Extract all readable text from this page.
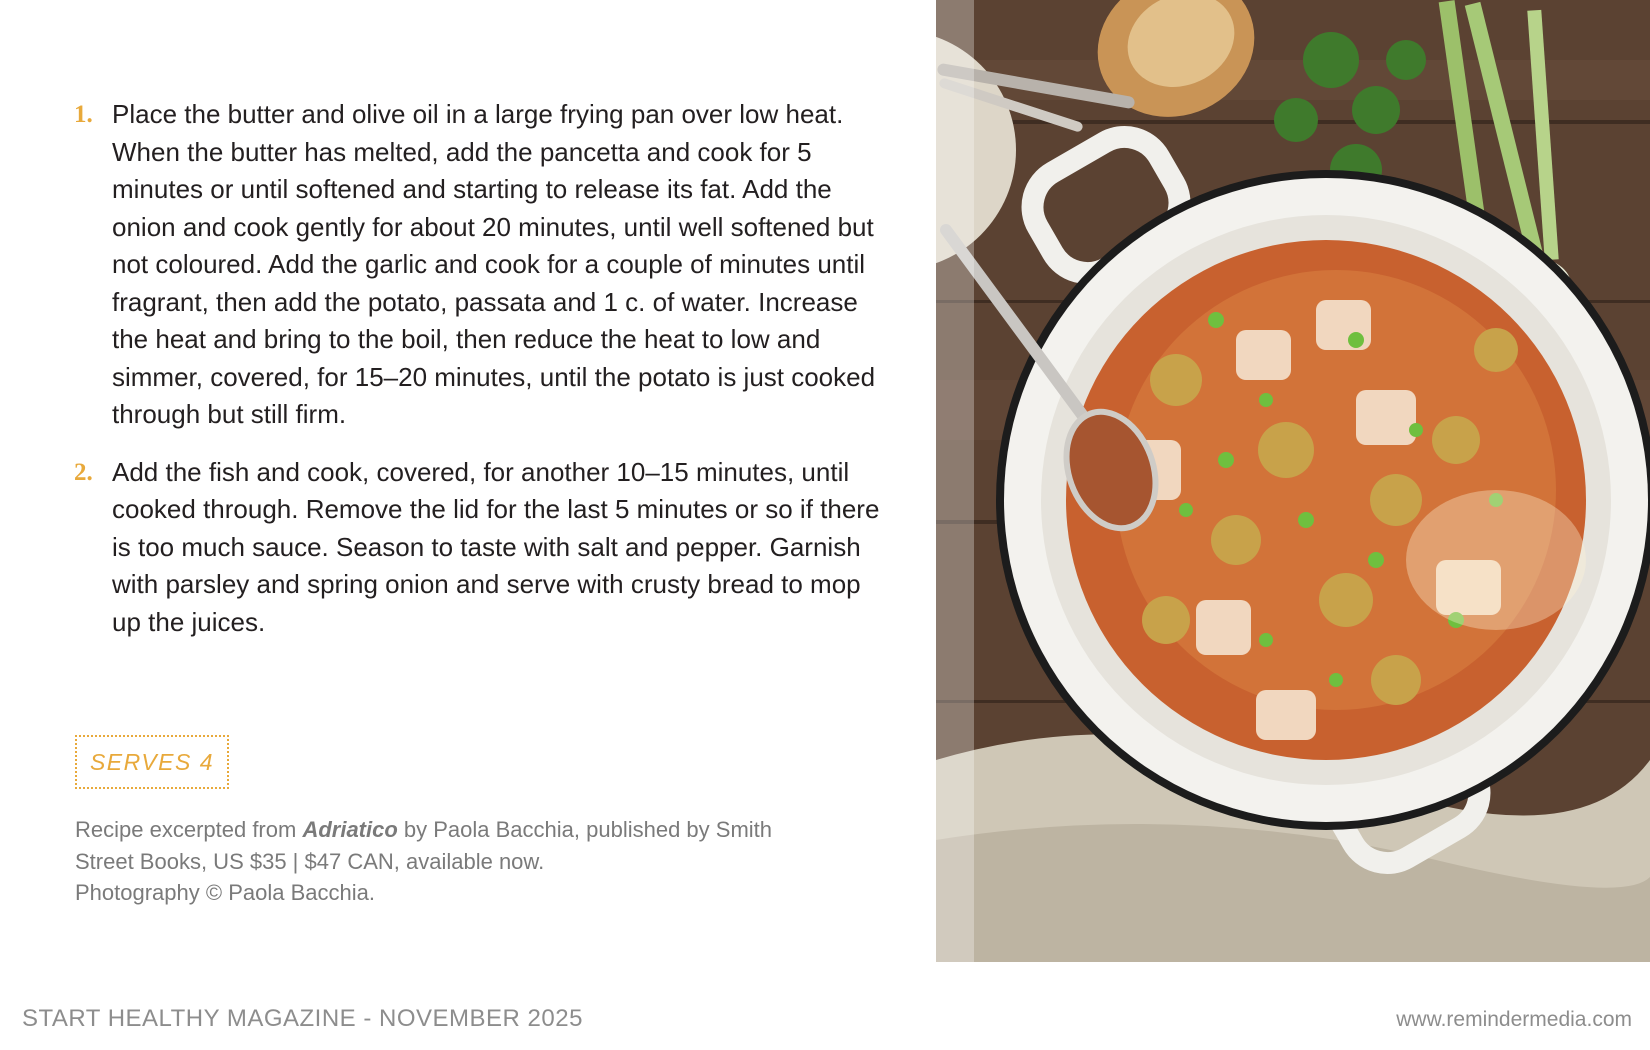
1. Place the butter and olive oil in a large frying pan over low heat. When the butter has melted, add the pancetta and cook for 5 minutes or until softened and starting to release its fat. Add the onion and cook gently for about 20 minutes, until well softened but not coloured. Add the garlic and cook for a couple of minutes until fragrant, then add the potato, passata and 1 c. of water. Increase the heat and bring to the boil, then reduce the heat to low and simmer, covered, for 15–20 minutes, until the potato is just cooked through but still firm.
2. Add the fish and cook, covered, for another 10–15 minutes, until cooked through. Remove the lid for the last 5 minutes or so if there is too much sauce. Season to taste with salt and pepper. Garnish with parsley and spring onion and serve with crusty bread to mop up the juices.
SERVES 4

Recipe excerpted from Adriatico by Paola Bacchia, published by Smith Street Books, US $35 | $47 CAN, available now.

Photography © Paola Bacchia.

START HEALTHY MAGAZINE - NOVEMBER 2025	www.remindermedia.com
